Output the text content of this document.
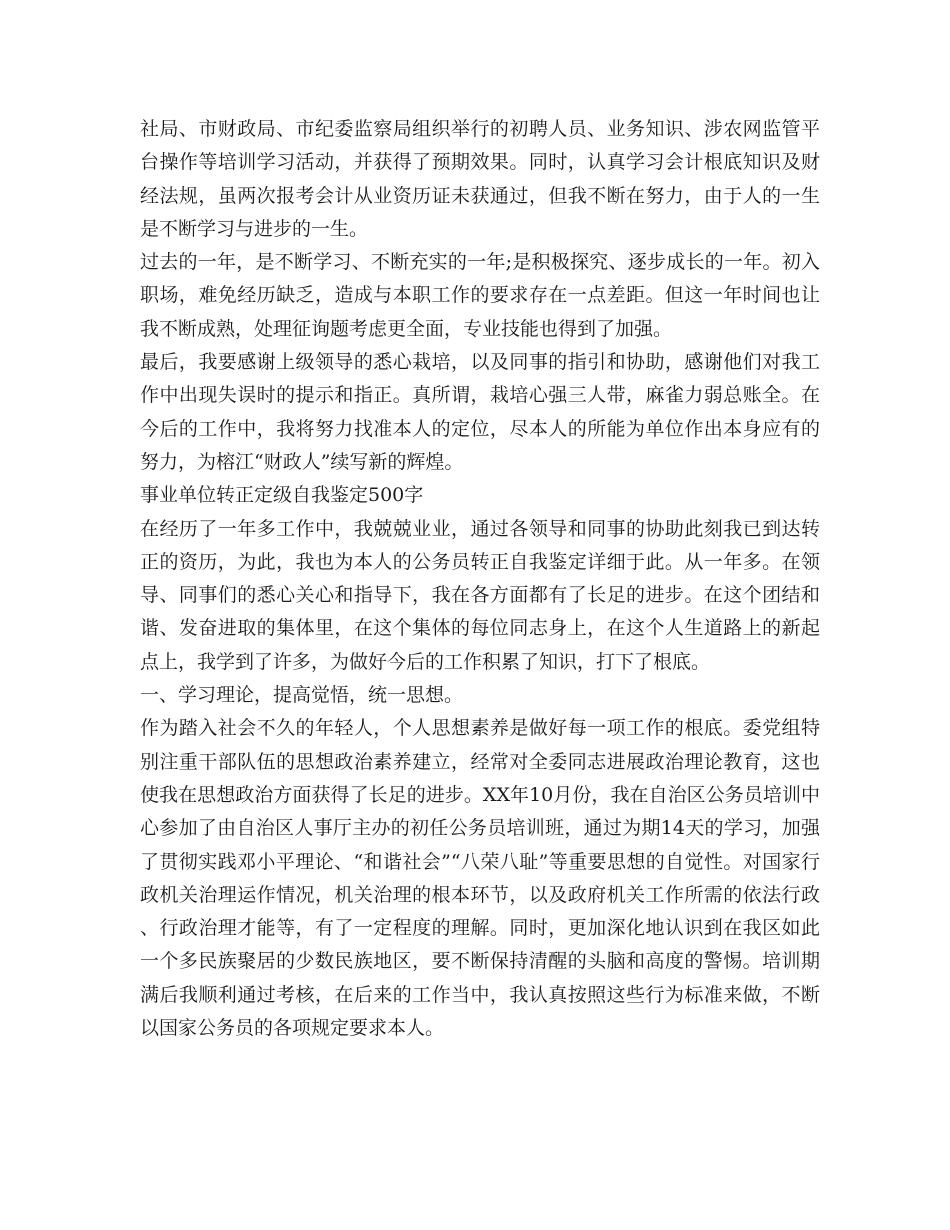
社局、市财政局、市纪委监察局组织举行的初聘人员、业务知识、涉农网监管平台操作等培训学习活动，并获得了预期效果。同时，认真学习会计根底知识及财经法规，虽两次报考会计从业资历证未获通过，但我不断在努力，由于人的一生是不断学习与进步的一生。

过去的一年，是不断学习、不断充实的一年;是积极探究、逐步成长的一年。初入职场，难免经历缺乏，造成与本职工作的要求存在一点差距。但这一年时间也让我不断成熟，处理征询题考虑更全面，专业技能也得到了加强。

最后，我要感谢上级领导的悉心栽培，以及同事的指引和协助，感谢他们对我工作中出现失误时的提示和指正。真所谓，栽培心强三人带，麻雀力弱总账全。在今后的工作中，我将努力找准本人的定位，尽本人的所能为单位作出本身应有的努力，为榕江“财政人”续写新的辉煌。

事业单位转正定级自我鉴定500字

在经历了一年多工作中，我兢兢业业，通过各领导和同事的协助此刻我已到达转正的资历，为此，我也为本人的公务员转正自我鉴定详细于此。从一年多。在领导、同事们的悉心关心和指导下，我在各方面都有了长足的进步。在这个团结和谐、发奋进取的集体里，在这个集体的每位同志身上，在这个人生道路上的新起点上，我学到了许多，为做好今后的工作积累了知识，打下了根底。

一、学习理论，提高觉悟，统一思想。

作为踏入社会不久的年轻人，个人思想素养是做好每一项工作的根底。委党组特别注重干部队伍的思想政治素养建立，经常对全委同志进展政治理论教育，这也使我在思想政治方面获得了长足的进步。XX年10月份，我在自治区公务员培训中心参加了由自治区人事厅主办的初任公务员培训班，通过为期14天的学习，加强了贯彻实践邓小平理论、“和谐社会”“八荣八耻”等重要思想的自觉性。对国家行政机关治理运作情况，机关治理的根本环节，以及政府机关工作所需的依法行政、行政治理才能等，有了一定程度的理解。同时，更加深化地认识到在我区如此一个多民族聚居的少数民族地区，要不断保持清醒的头脑和高度的警惕。培训期满后我顺利通过考核，在后来的工作当中，我认真按照这些行为标准来做，不断以国家公务员的各项规定要求本人。
